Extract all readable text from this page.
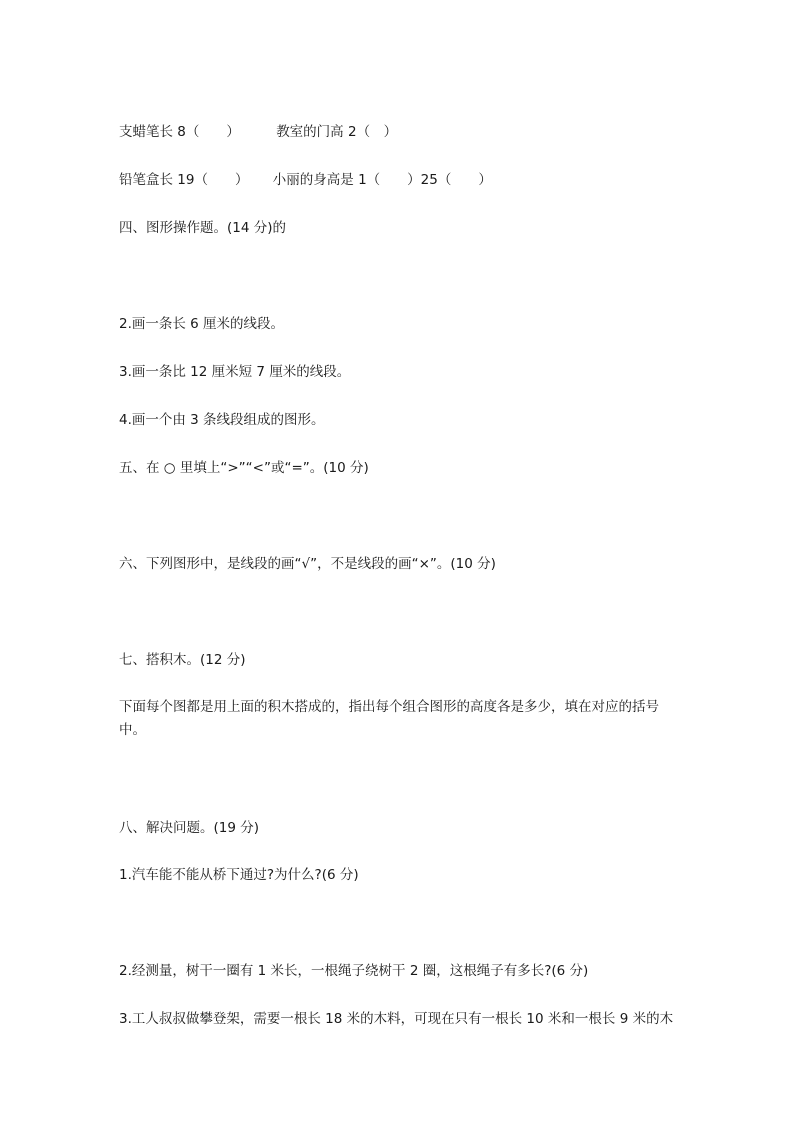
支蜡笔长 8（　　）	教室的门高 2（　）
铅笔盒长 19（　　） 小丽的身高是 1（　　）25（　　）
四、图形操作题。(14 分)的
2.画一条长 6 厘米的线段。
3.画一条比 12 厘米短 7 厘米的线段。
4.画一个由 3 条线段组成的图形。
五、在 ○ 里填上“>”“<”或“=”。(10 分)
六、下列图形中，是线段的画“√”，不是线段的画“×”。(10 分)
七、搭积木。(12 分)
下面每个图都是用上面的积木搭成的，指出每个组合图形的高度各是多少，填在对应的括号中。
八、解决问题。(19 分)
1.汽车能不能从桥下通过?为什么?(6 分)
2.经测量，树干一圈有 1 米长，一根绳子绕树干 2 圈，这根绳子有多长?(6 分)
3.工人叔叔做攀登架，需要一根长 18 米的木料，可现在只有一根长 10 米和一根长 9 米的木
